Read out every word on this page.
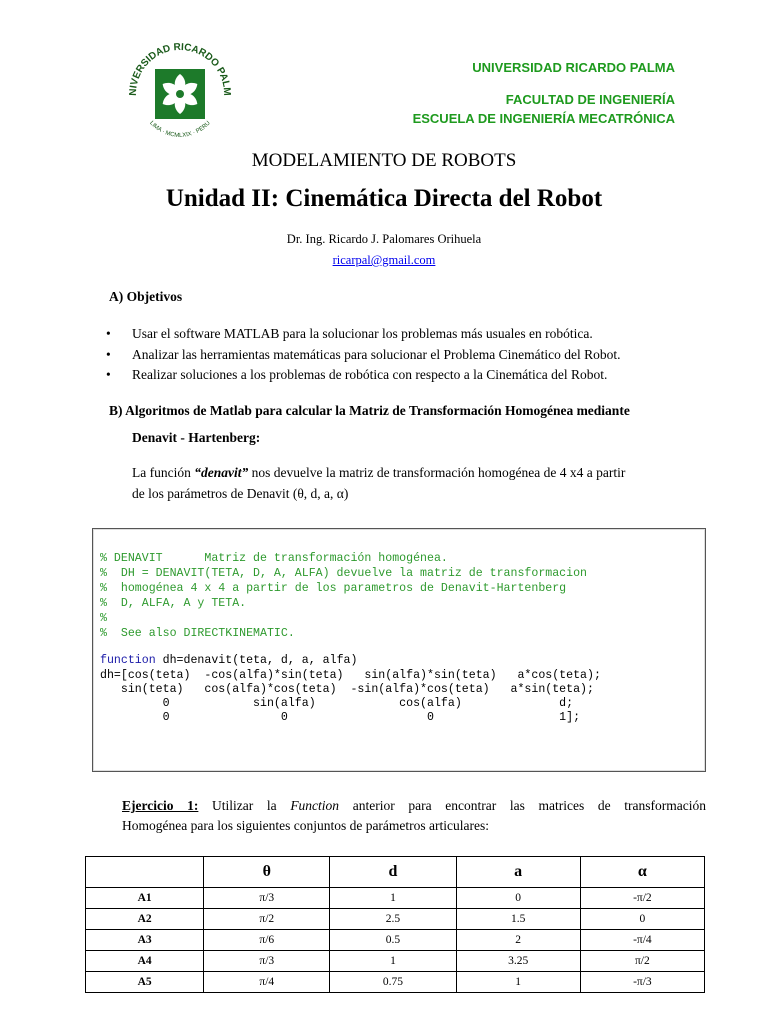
NIVERSIDAD RICARDO PALM
LIMA · MCMLXIX · PERU
UNIVERSIDAD RICARDO PALMA
FACULTAD DE INGENIERÍA
ESCUELA DE INGENIERÍA MECATRÓNICA
MODELAMIENTO DE ROBOTS
Unidad II: Cinemática Directa del Robot
Dr. Ing. Ricardo J. Palomares Orihuela
ricarpal@gmail.com
A) Objetivos
• Usar el software MATLAB para la solucionar los problemas más usuales en robótica.
• Analizar las herramientas matemáticas para solucionar el Problema Cinemático del Robot.
• Realizar soluciones a los problemas de robótica con respecto a la Cinemática del Robot.
B) Algoritmos de Matlab para calcular la Matriz de Transformación Homogénea mediante
Denavit - Hartenberg:
La función “denavit” nos devuelve la matriz de transformación homogénea de 4 x4 a partir
de los parámetros de Denavit (θ, d, a, α)
% DENAVIT      Matriz de transformación homogénea.
%  DH = DENAVIT(TETA, D, A, ALFA) devuelve la matriz de transformacion
%  homogénea 4 x 4 a partir de los parametros de Denavit-Hartenberg
%  D, ALFA, A y TETA.
%
%  See also DIRECTKINEMATIC.
function dh=denavit(teta, d, a, alfa)
dh=[cos(teta)  -cos(alfa)*sin(teta)   sin(alfa)*sin(teta)   a*cos(teta);
sin(teta)   cos(alfa)*cos(teta)  -sin(alfa)*cos(teta)   a*sin(teta);
0            sin(alfa)            cos(alfa)              d;
0                0                    0                  1];
Ejercicio 1: Utilizar la Function anterior para encontrar las matrices de transformación
Homogénea para los siguientes conjuntos de parámetros articulares:
	θ	d	a	α
A1	π/3	1	0	-π/2
A2	π/2	2.5	1.5	0
A3	π/6	0.5	2	-π/4
A4	π/3	1	3.25	π/2
A5	π/4	0.75	1	-π/3
